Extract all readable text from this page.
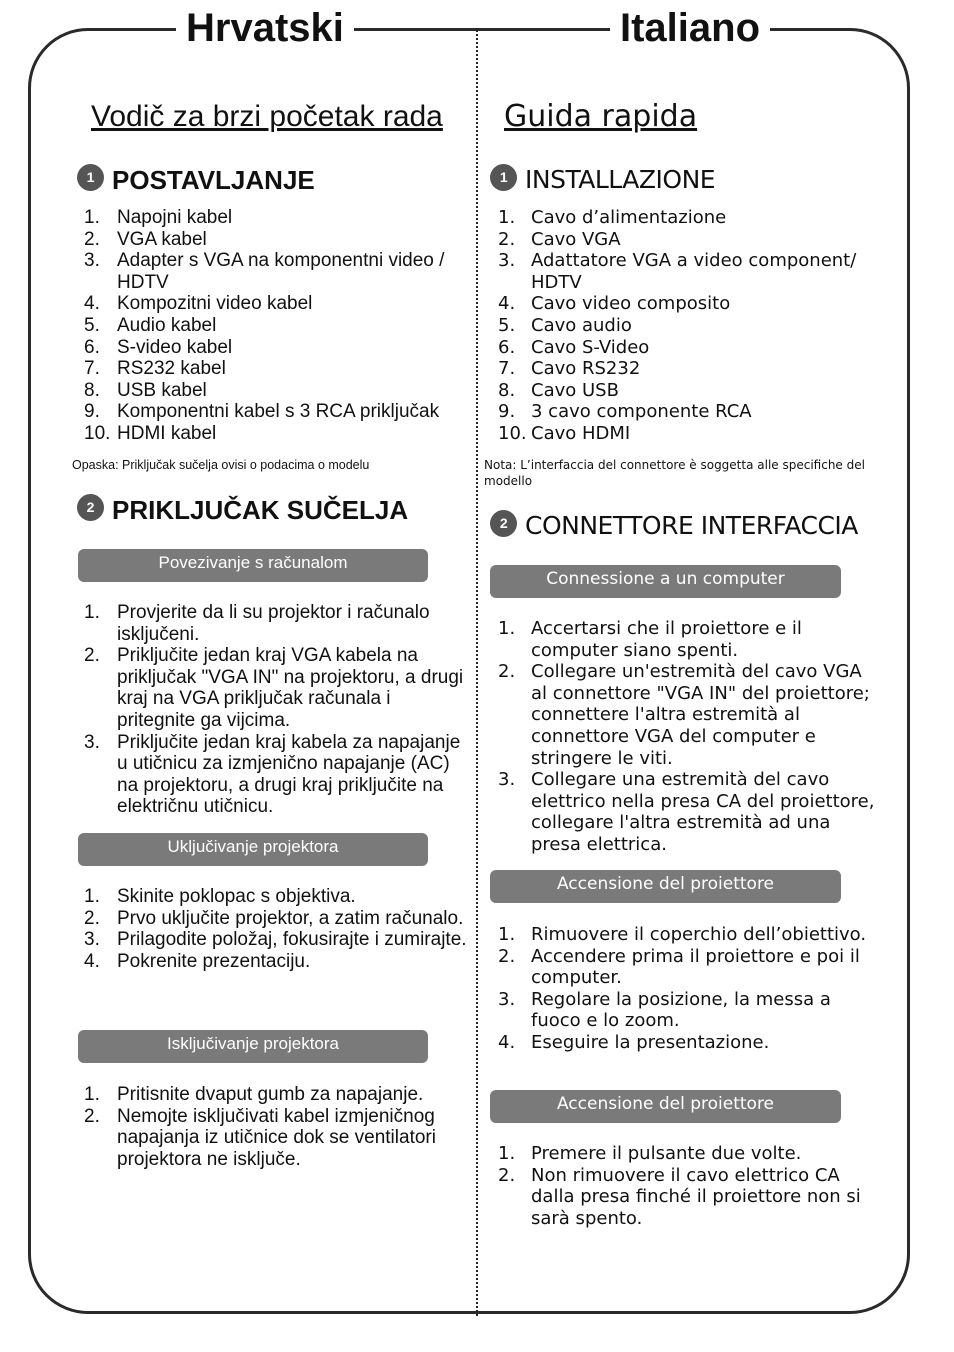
Hrvatski	Italiano
Vodič za brzi početak rada
1 POSTAVLJANJE
1. Napojni kabel
2. VGA kabel
3. Adapter s VGA na komponentni video / HDTV
4. Kompozitni video kabel
5. Audio kabel
6. S-video kabel
7. RS232 kabel
8. USB kabel
9. Komponentni kabel s 3 RCA priključak
10. HDMI kabel
Opaska: Priključak sučelja ovisi o podacima o modelu
2 PRIKLJUČAK SUČELJA
Povezivanje s računalom
1. Provjerite da li su projektor i računalo isključeni.
2. Priključite jedan kraj VGA kabela na priključak "VGA IN" na projektoru, a drugi kraj na VGA priključak računala i pritegnite ga vijcima.
3. Priključite jedan kraj kabela za napajanje u utičnicu za izmjenično napajanje (AC) na projektoru, a drugi kraj priključite na električnu utičnicu.
Uključivanje projektora
1. Skinite poklopac s objektiva.
2. Prvo uključite projektor, a zatim računalo.
3. Prilagodite položaj, fokusirajte i zumirajte.
4. Pokrenite prezentaciju.
Isključivanje projektora
1. Pritisnite dvaput gumb za napajanje.
2. Nemojte isključivati kabel izmjeničnog napajanja iz utičnice dok se ventilatori projektora ne isključe.
Guida rapida
1 INSTALLAZIONE
1. Cavo d’alimentazione
2. Cavo VGA
3. Adattatore VGA a video component/ HDTV
4. Cavo video composito
5. Cavo audio
6. Cavo S-Video
7. Cavo RS232
8. Cavo USB
9. 3 cavo componente RCA
10. Cavo HDMI
Nota: L’interfaccia del connettore è soggetta alle specifiche del modello
2 CONNETTORE INTERFACCIA
Connessione a un computer
1. Accertarsi che il proiettore e il computer siano spenti.
2. Collegare un'estremità del cavo VGA al connettore "VGA IN" del proiettore; connettere l'altra estremità al connettore VGA del computer e stringere le viti.
3. Collegare una estremità del cavo elettrico nella presa CA del proiettore, collegare l'altra estremità ad una presa elettrica.
Accensione del proiettore
1. Rimuovere il coperchio dell’obiettivo.
2. Accendere prima il proiettore e poi il computer.
3. Regolare la posizione, la messa a fuoco e lo zoom.
4. Eseguire la presentazione.
Accensione del proiettore
1. Premere il pulsante due volte.
2. Non rimuovere il cavo elettrico CA dalla presa finché il proiettore non si sarà spento.
